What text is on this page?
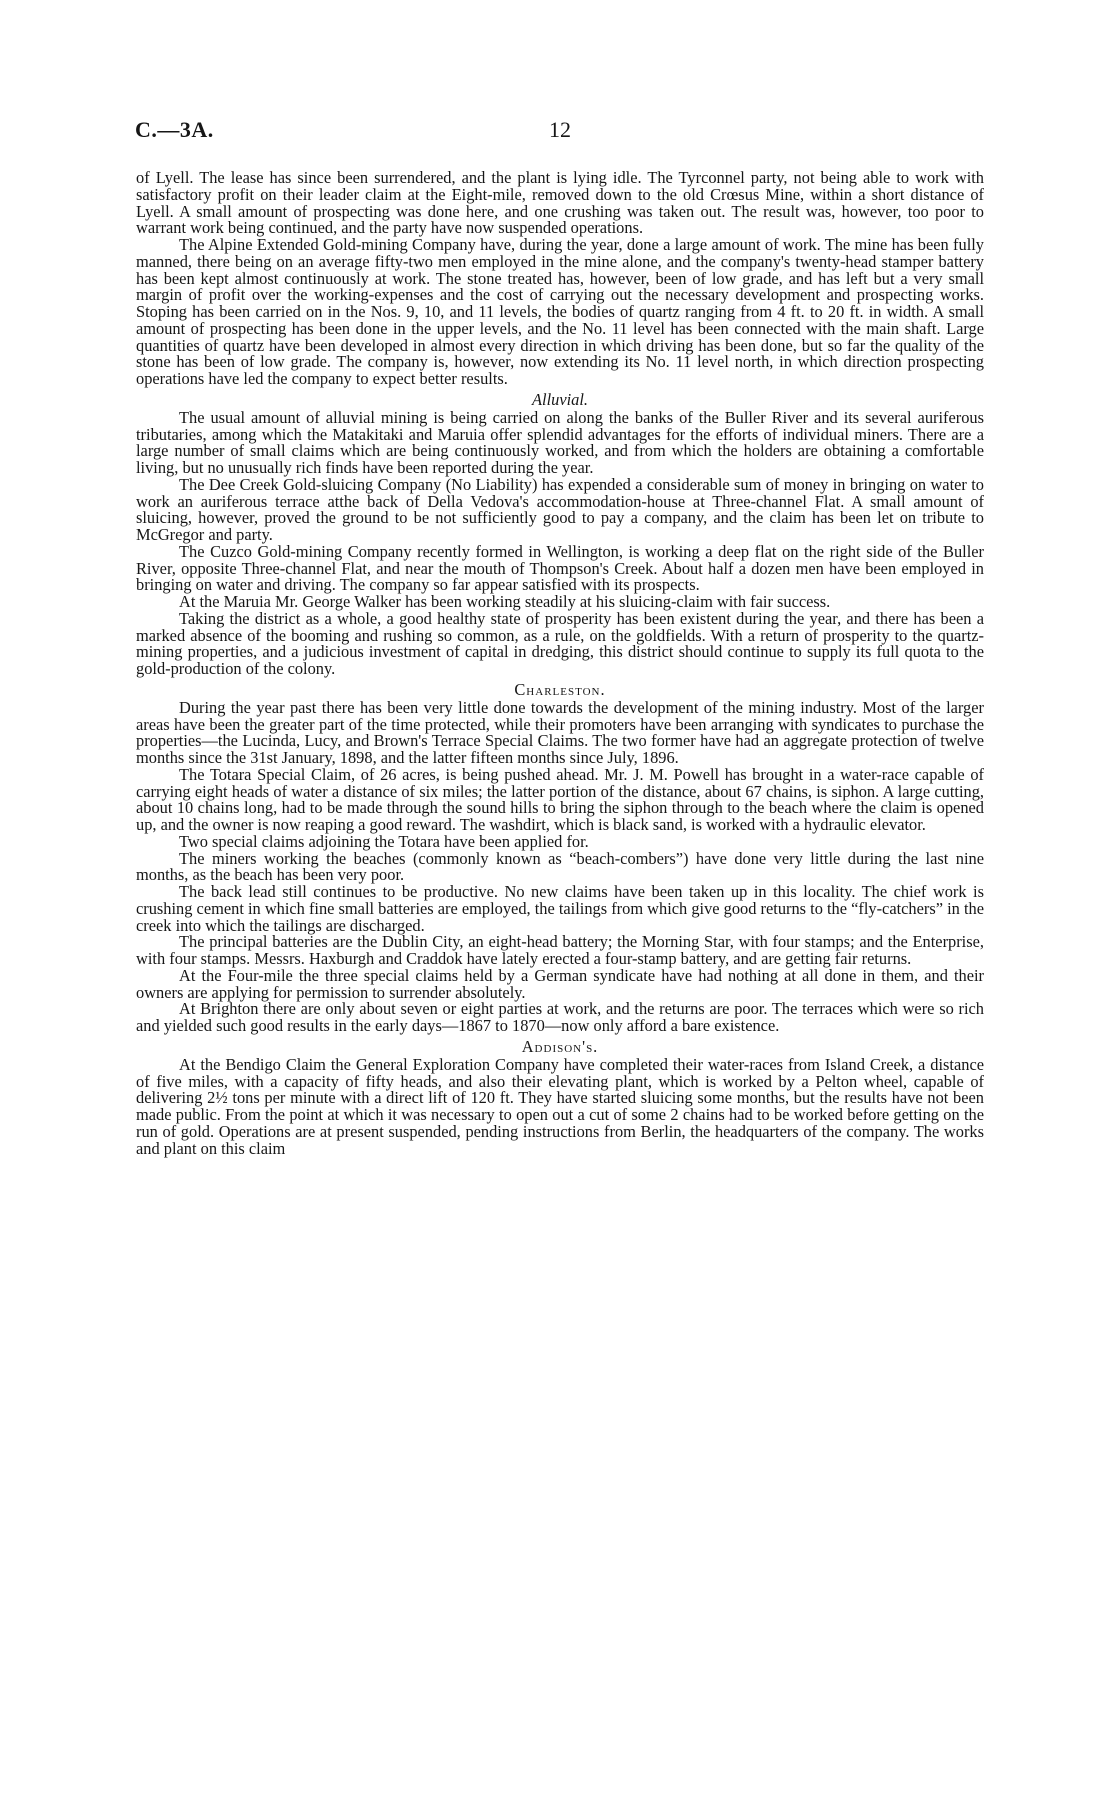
C.—3A.	12

of Lyell. The lease has since been surrendered, and the plant is lying idle. The Tyrconnel party, not being able to work with satisfactory profit on their leader claim at the Eight-mile, removed down to the old Crœsus Mine, within a short distance of Lyell. A small amount of prospecting was done here, and one crushing was taken out. The result was, however, too poor to warrant work being continued, and the party have now suspended operations.

The Alpine Extended Gold-mining Company have, during the year, done a large amount of work. The mine has been fully manned, there being on an average fifty-two men employed in the mine alone, and the company's twenty-head stamper battery has been kept almost continuously at work. The stone treated has, however, been of low grade, and has left but a very small margin of profit over the working-expenses and the cost of carrying out the necessary development and prospecting works. Stoping has been carried on in the Nos. 9, 10, and 11 levels, the bodies of quartz ranging from 4 ft. to 20 ft. in width. A small amount of prospecting has been done in the upper levels, and the No. 11 level has been connected with the main shaft. Large quantities of quartz have been developed in almost every direction in which driving has been done, but so far the quality of the stone has been of low grade. The company is, however, now extending its No. 11 level north, in which direction prospecting operations have led the company to expect better results.

Alluvial.

The usual amount of alluvial mining is being carried on along the banks of the Buller River and its several auriferous tributaries, among which the Matakitaki and Maruia offer splendid advantages for the efforts of individual miners. There are a large number of small claims which are being continuously worked, and from which the holders are obtaining a comfortable living, but no unusually rich finds have been reported during the year.

The Dee Creek Gold-sluicing Company (No Liability) has expended a considerable sum of money in bringing on water to work an auriferous terrace atthe back of Della Vedova's accommodation-house at Three-channel Flat. A small amount of sluicing, however, proved the ground to be not sufficiently good to pay a company, and the claim has been let on tribute to McGregor and party.

The Cuzco Gold-mining Company recently formed in Wellington, is working a deep flat on the right side of the Buller River, opposite Three-channel Flat, and near the mouth of Thompson's Creek. About half a dozen men have been employed in bringing on water and driving. The company so far appear satisfied with its prospects.

At the Maruia Mr. George Walker has been working steadily at his sluicing-claim with fair success.

Taking the district as a whole, a good healthy state of prosperity has been existent during the year, and there has been a marked absence of the booming and rushing so common, as a rule, on the goldfields. With a return of prosperity to the quartz-mining properties, and a judicious investment of capital in dredging, this district should continue to supply its full quota to the gold-production of the colony.

Charleston.

During the year past there has been very little done towards the development of the mining industry. Most of the larger areas have been the greater part of the time protected, while their promoters have been arranging with syndicates to purchase the properties—the Lucinda, Lucy, and Brown's Terrace Special Claims. The two former have had an aggregate protection of twelve months since the 31st January, 1898, and the latter fifteen months since July, 1896.

The Totara Special Claim, of 26 acres, is being pushed ahead. Mr. J. M. Powell has brought in a water-race capable of carrying eight heads of water a distance of six miles; the latter portion of the distance, about 67 chains, is siphon. A large cutting, about 10 chains long, had to be made through the sound hills to bring the siphon through to the beach where the claim is opened up, and the owner is now reaping a good reward. The washdirt, which is black sand, is worked with a hydraulic elevator.

Two special claims adjoining the Totara have been applied for.

The miners working the beaches (commonly known as “beach-combers”) have done very little during the last nine months, as the beach has been very poor.

The back lead still continues to be productive. No new claims have been taken up in this locality. The chief work is crushing cement in which fine small batteries are employed, the tailings from which give good returns to the “fly-catchers” in the creek into which the tailings are discharged.

The principal batteries are the Dublin City, an eight-head battery; the Morning Star, with four stamps; and the Enterprise, with four stamps. Messrs. Haxburgh and Craddok have lately erected a four-stamp battery, and are getting fair returns.

At the Four-mile the three special claims held by a German syndicate have had nothing at all done in them, and their owners are applying for permission to surrender absolutely.

At Brighton there are only about seven or eight parties at work, and the returns are poor. The terraces which were so rich and yielded such good results in the early days—1867 to 1870—now only afford a bare existence.

Addison's.

At the Bendigo Claim the General Exploration Company have completed their water-races from Island Creek, a distance of five miles, with a capacity of fifty heads, and also their elevating plant, which is worked by a Pelton wheel, capable of delivering 2½ tons per minute with a direct lift of 120 ft. They have started sluicing some months, but the results have not been made public. From the point at which it was necessary to open out a cut of some 2 chains had to be worked before getting on the run of gold. Operations are at present suspended, pending instructions from Berlin, the headquarters of the company. The works and plant on this claim
